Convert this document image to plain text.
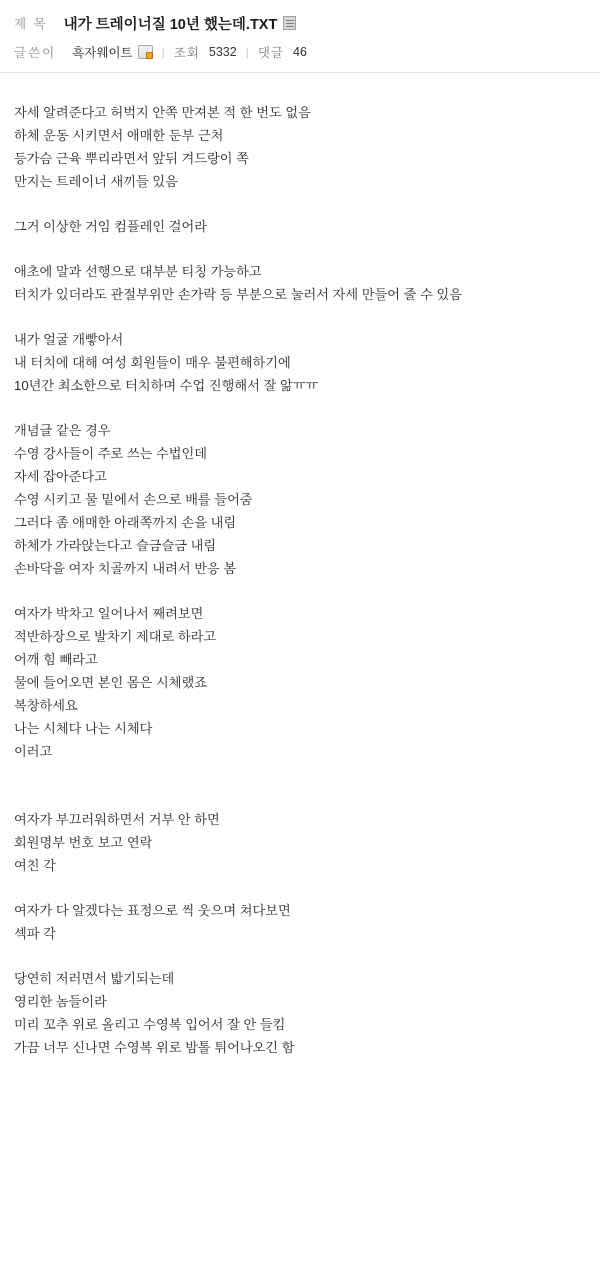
제 목 내가 트레이너질 10년 했는데.TXT
글쓴이 흑자웨이트 | 조회 5332 | 댓글 46
자세 알려준다고 허벅지 안쪽 만져본 적 한 번도 없음
하체 운동 시키면서 애매한 둔부 근처
등가슴 근육 뿌리라면서 앞뒤 겨드랑이 쪽
만지는 트레이너 새끼들 있음
그거 이상한 거임 컴플레인 걸어라
애초에 말과 선행으로 대부분 티칭 가능하고
터치가 있더라도 관절부위만 손가락 등 부분으로 눌러서 자세 만들어 줄 수 있음
내가 얼굴 개빻아서
내 터치에 대해 여성 회원들이 매우 불편해하기에
10년간 최소한으로 터치하며 수업 진행해서 잘 앎ㅠㅠ
개념글 같은 경우
수영 강사들이 주로 쓰는 수법인데
자세 잡아준다고
수영 시키고 물 밑에서 손으로 배를 들어줌
그러다 좀 애매한 아래쪽까지 손을 내림
하체가 가라앉는다고 슬금슬금 내림
손바닥을 여자 치골까지 내려서 반응 봄
여자가 박차고 일어나서 째려보면
적반하장으로 발차기 제대로 하라고
어깨 힘 빼라고
물에 들어오면 본인 몸은 시체랬죠
복창하세요
나는 시체다 나는 시체다
이러고
여자가 부끄러워하면서 거부 안 하면
회원명부 번호 보고 연락
여친 각
여자가 다 알겠다는 표정으로 씩 웃으며 쳐다보면
섹파 각
당연히 저러면서 밟기되는데
영리한 놈들이라
미리 꼬추 위로 올리고 수영복 입어서 잘 안 들킴
가끔 너무 신나면 수영복 위로 밤톨 튀어나오긴 함
